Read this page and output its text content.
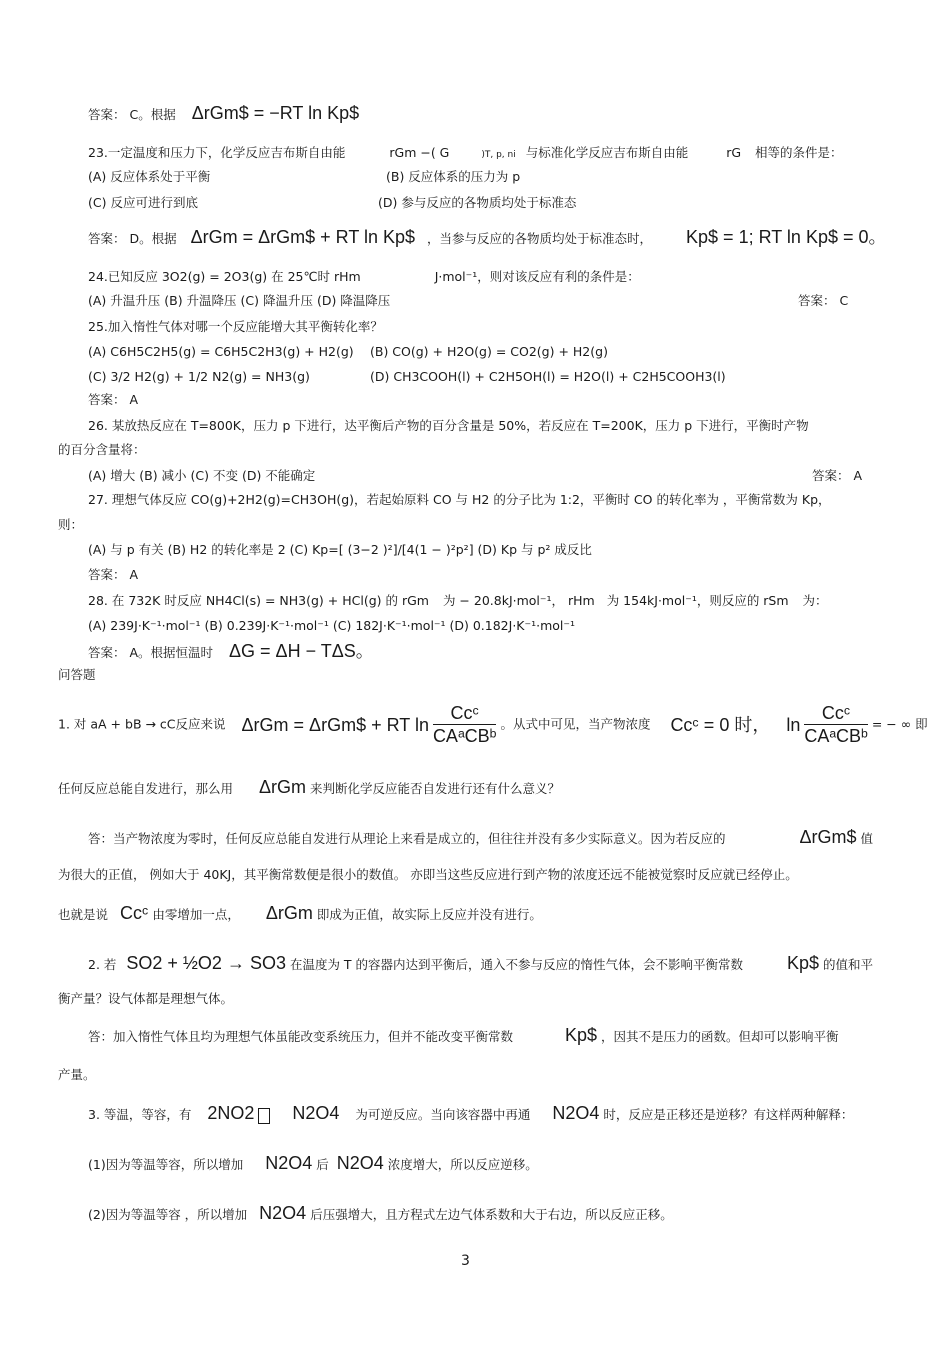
答案： C。根据 ΔrGm$ = −RT ln Kp$
23.一定温度和压力下，化学反应吉布斯自由能	rGm −( G	)T, p, ni 与标准化学反应吉布斯自由能	rG 相等的条件是：
(A) 反应体系处于平衡	(B) 反应体系的压力为 p
(C) 反应可进行到底	(D) 参与反应的各物质均处于标准态
答案： D。根据 ΔrGm = ΔrGm$ + RT ln Kp$ ，当参与反应的各物质均处于标准态时， Kp$ = 1; RT ln Kp$ = 0。
24.已知反应 3O2(g) = 2O3(g) 在 25℃时 rHm	J·mol⁻¹，则对该反应有利的条件是：
(A) 升温升压 (B) 升温降压 (C) 降温升压 (D) 降温降压	答案： C
25.加入惰性气体对哪一个反应能增大其平衡转化率？
(A) C6H5C2H5(g) = C6H5C2H3(g) + H2(g) (B) CO(g) + H2O(g) = CO2(g) + H2(g)
(C) 3/2 H2(g) + 1/2 N2(g) = NH3(g)	(D) CH3COOH(l) + C2H5OH(l) = H2O(l) + C2H5COOH3(l)
答案： A
26. 某放热反应在 T=800K，压力 p 下进行，达平衡后产物的百分含量是 50%，若反应在 T=200K，压力 p 下进行，平衡时产物
的百分含量将：
(A) 增大 (B) 减小 (C) 不变 (D) 不能确定	答案： A
27. 理想气体反应 CO(g)+2H2(g)=CH3OH(g)，若起始原料 CO 与 H2 的分子比为 1:2，平衡时 CO 的转化率为 ，平衡常数为 Kp，
则：
(A) 与 p 有关 (B) H2 的转化率是 2 (C) Kp=[ (3−2 )²]/[4(1 − )²p²] (D) Kp 与 p² 成反比
答案： A
28. 在 732K 时反应 NH4Cl(s) = NH3(g) + HCl(g) 的 rGm 为 − 20.8kJ·mol⁻¹， rHm 为 154kJ·mol⁻¹，则反应的 rSm 为：
(A) 239J·K⁻¹·mol⁻¹ (B) 0.239J·K⁻¹·mol⁻¹ (C) 182J·K⁻¹·mol⁻¹ (D) 0.182J·K⁻¹·mol⁻¹
答案： A。根据恒温时 ΔG = ΔH − TΔS。
问答题
1. 对 aA + bB → cC反应来说 ΔrGm = ΔrGm$ + RT $\ln \frac{\text{Ccᶜ}}{\text{CAᵃCBᵇ}}$ 。从式中可见，当产物浓度 Ccᶜ = 0 时， $\ln \frac{\text{Ccᶜ}}{\text{CAᵃCBᵇ}}$ = − ∞ 即
任何反应总能自发进行，那么用 ΔrGm 来判断化学反应能否自发进行还有什么意义？
答：当产物浓度为零时，任何反应总能自发进行从理论上来看是成立的，但往往并没有多少实际意义。因为若反应的	ΔrGm$ 值
为很大的正值， 例如大于 40KJ，其平衡常数便是很小的数值。 亦即当这些反应进行到产物的浓度还远不能被觉察时反应就已经停止。
也就是说 Ccᶜ 由零增加一点， ΔrGm 即成为正值，故实际上反应并没有进行。
2. 若 SO2 + ½O2 → SO3 在温度为 T 的容器内达到平衡后，通入不参与反应的惰性气体，会不影响平衡常数 Kp$ 的值和平
衡产量？设气体都是理想气体。
答：加入惰性气体且均为理想气体虽能改变系统压力，但并不能改变平衡常数	Kp$ ，因其不是压力的函数。但却可以影响平衡
产量。
3. 等温，等容，有 2NO2 N2O4 为可逆反应。当向该容器中再通 N2O4 时，反应是正移还是逆移？有这样两种解释：
(1)因为等温等容，所以增加 N2O4 后 N2O4 浓度增大，所以反应逆移。
(2)因为等温等容 ，所以增加 N2O4 后压强增大，且方程式左边气体系数和大于右边，所以反应正移。
3
